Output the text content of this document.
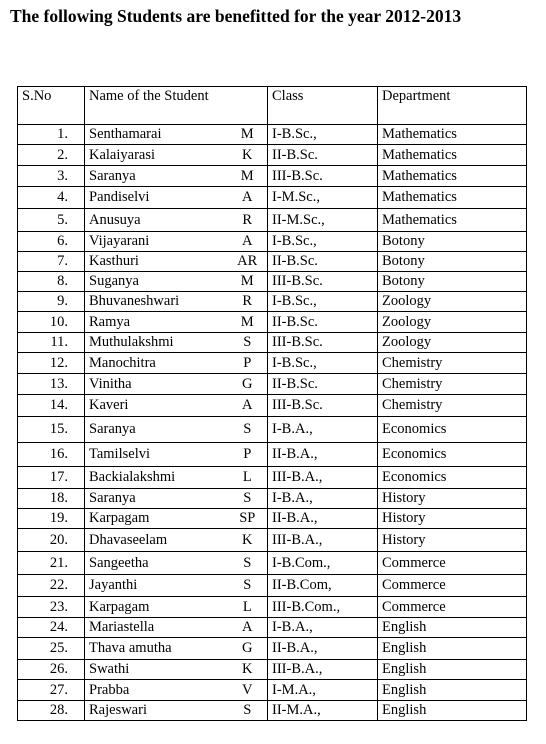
The following Students are benefitted for the year 2012-2013
S.No	Name of the Student		Class	Department
1.	Senthamarai	M	I-B.Sc.,	Mathematics
2.	Kalaiyarasi	K	II-B.Sc.	Mathematics
3.	Saranya	M	III-B.Sc.	Mathematics
4.	Pandiselvi	A	I-M.Sc.,	Mathematics
5.	Anusuya	R	II-M.Sc.,	Mathematics
6.	Vijayarani	A	I-B.Sc.,	Botony
7.	Kasthuri	AR	II-B.Sc.	Botony
8.	Suganya	M	III-B.Sc.	Botony
9.	Bhuvaneshwari	R	I-B.Sc.,	Zoology
10.	Ramya	M	II-B.Sc.	Zoology
11.	Muthulakshmi	S	III-B.Sc.	Zoology
12.	Manochitra	P	I-B.Sc.,	Chemistry
13.	Vinitha	G	II-B.Sc.	Chemistry
14.	Kaveri	A	III-B.Sc.	Chemistry
15.	Saranya	S	I-B.A.,	Economics
16.	Tamilselvi	P	II-B.A.,	Economics
17.	Backialakshmi	L	III-B.A.,	Economics
18.	Saranya	S	I-B.A.,	History
19.	Karpagam	SP	II-B.A.,	History
20.	Dhavaseelam	K	III-B.A.,	History
21.	Sangeetha	S	I-B.Com.,	Commerce
22.	Jayanthi	S	II-B.Com,	Commerce
23.	Karpagam	L	III-B.Com.,	Commerce
24.	Mariastella	A	I-B.A.,	English
25.	Thava amutha	G	II-B.A.,	English
26.	Swathi	K	III-B.A.,	English
27.	Prabba	V	I-M.A.,	English
28.	Rajeswari	S	II-M.A.,	English
